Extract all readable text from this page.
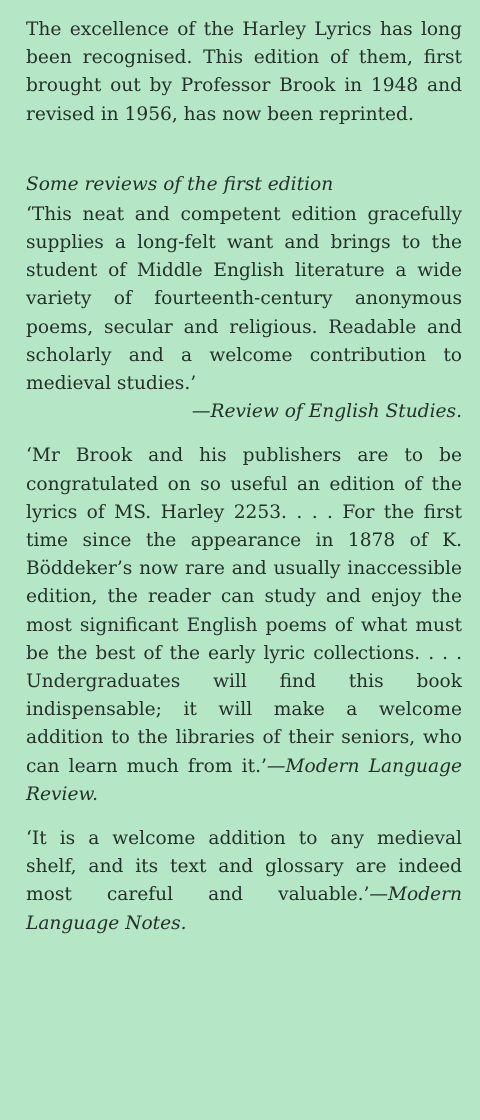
The excellence of the Harley Lyrics has long been recognised. This edition of them, first brought out by Professor Brook in 1948 and revised in 1956, has now been reprinted.

Some reviews of the first edition

‘This neat and competent edition gracefully supplies a long-felt want and brings to the student of Middle English literature a wide variety of fourteenth-century anonymous poems, secular and religious. Readable and scholarly and a welcome contribution to medieval studies.’

—Review of English Studies.

‘Mr Brook and his publishers are to be congratulated on so useful an edition of the lyrics of MS. Harley 2253. . . . For the first time since the appearance in 1878 of K. Böddeker’s now rare and usually inaccessible edition, the reader can study and enjoy the most significant English poems of what must be the best of the early lyric collections. . . . Undergraduates will find this book indispensable; it will make a welcome addition to the libraries of their seniors, who can learn much from it.’—Modern Language Review.

‘It is a welcome addition to any medieval shelf, and its text and glossary are indeed most careful and valuable.’—Modern Language Notes.
